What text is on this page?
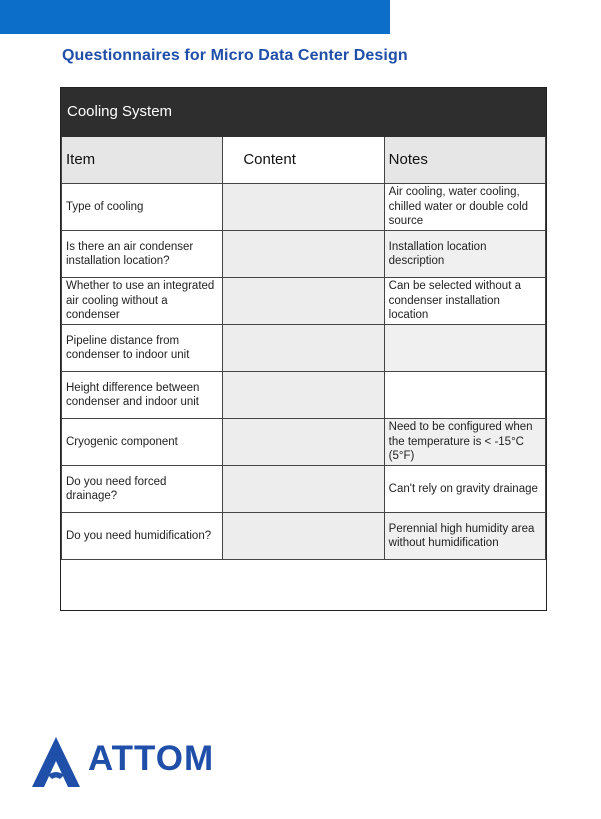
Questionnaires for Micro Data Center Design
Cooling System		
Item	Content	Notes
Type of cooling		Air cooling, water cooling, chilled water or double cold source
Is there an air condenser installation location?		Installation location description
Whether to use an integrated air cooling without a condenser		Can be selected without a condenser installation location
Pipeline distance from condenser to indoor unit		
Height difference between condenser and indoor unit		
Cryogenic component		Need to be configured when the temperature is < -15°C (5°F)
Do you need forced drainage?		Can't rely on gravity drainage
Do you need humidification?		Perennial high humidity area without humidification
ATTOM
